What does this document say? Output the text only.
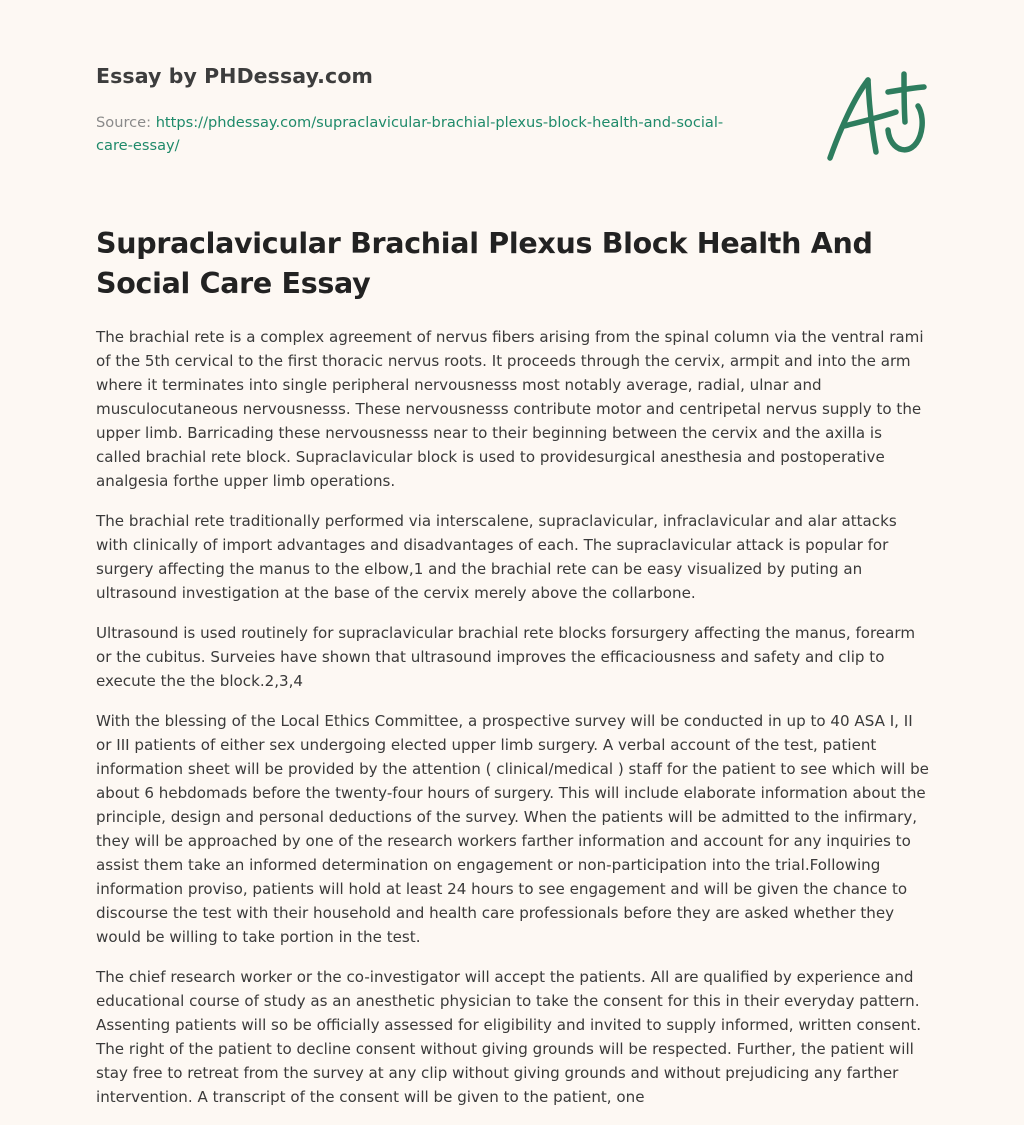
Essay by PHDessay.com

Source: https://phdessay.com/supraclavicular-brachial-plexus-block-health-and-social-care-essay/

Supraclavicular Brachial Plexus Block Health And Social Care Essay

The brachial rete is a complex agreement of nervus fibers arising from the spinal column via the ventral rami of the 5th cervical to the first thoracic nervus roots. It proceeds through the cervix, armpit and into the arm where it terminates into single peripheral nervousnesss most notably average, radial, ulnar and musculocutaneous nervousnesss. These nervousnesss contribute motor and centripetal nervus supply to the upper limb. Barricading these nervousnesss near to their beginning between the cervix and the axilla is called brachial rete block. Supraclavicular block is used to providesurgical anesthesia and postoperative analgesia forthe upper limb operations.

The brachial rete traditionally performed via interscalene, supraclavicular, infraclavicular and alar attacks with clinically of import advantages and disadvantages of each. The supraclavicular attack is popular for surgery affecting the manus to the elbow,1 and the brachial rete can be easy visualized by puting an ultrasound investigation at the base of the cervix merely above the collarbone.

Ultrasound is used routinely for supraclavicular brachial rete blocks forsurgery affecting the manus, forearm or the cubitus. Surveies have shown that ultrasound improves the efficaciousness and safety and clip to execute the the block.2,3,4

With the blessing of the Local Ethics Committee, a prospective survey will be conducted in up to 40 ASA I, II or III patients of either sex undergoing elected upper limb surgery. A verbal account of the test, patient information sheet will be provided by the attention ( clinical/medical ) staff for the patient to see which will be about 6 hebdomads before the twenty-four hours of surgery. This will include elaborate information about the principle, design and personal deductions of the survey. When the patients will be admitted to the infirmary, they will be approached by one of the research workers farther information and account for any inquiries to assist them take an informed determination on engagement or non-participation into the trial.Following information proviso, patients will hold at least 24 hours to see engagement and will be given the chance to discourse the test with their household and health care professionals before they are asked whether they would be willing to take portion in the test.

The chief research worker or the co-investigator will accept the patients. All are qualified by experience and educational course of study as an anesthetic physician to take the consent for this in their everyday pattern. Assenting patients will so be officially assessed for eligibility and invited to supply informed, written consent. The right of the patient to decline consent without giving grounds will be respected. Further, the patient will stay free to retreat from the survey at any clip without giving grounds and without prejudicing any farther intervention. A transcript of the consent will be given to the patient, one
